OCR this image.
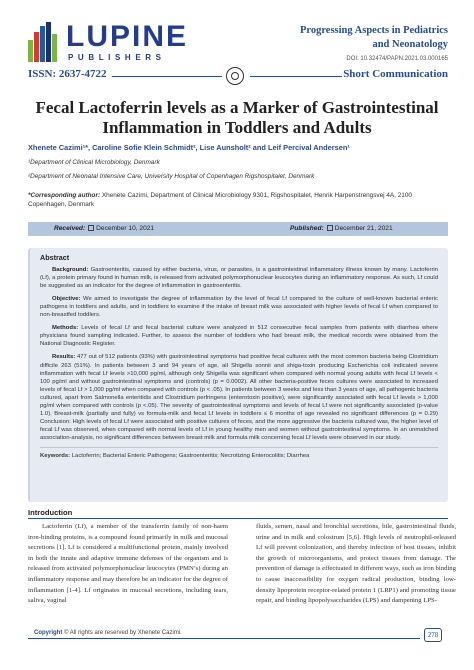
LUPINE
PUBLISHERS
Progressing Aspects in Pediatrics
and Neonatology
DOI: 10.32474/PAPN.2021.03.000165
ISSN: 2637-4722	Short Communication
Fecal Lactoferrin levels as a Marker of Gastrointestinal Inflammation in Toddlers and Adults
Xhenete Cazimi¹*, Caroline Sofie Klein Schmidt², Lise Aunsholt² and Leif Percival Andersen¹
¹Department of Clinical Microbiology, Denmark
²Department of Neonatal Intensive Care, University Hospital of Copenhagen Rigshospitalet, Denmark
*Corresponding author: Xhenete Cazimi, Department of Clinical Microbiology 9301, Rigshospitalet, Henrik Harpenstrengsvej 4A, 2100 Copenhagen, Denmark
Received: December 10, 2021	Published: December 21, 2021
Abstract

Background: Gastroenteritis, caused by either bacteria, virus, or parasites, is a gastrointestinal inflammatory illness known by many. Lactoferrin (Lf), a protein primary found in human milk, is released from activated polymorphonuclear leucocytes during an inflammatory response. As such, Lf could be suggested as an indicator for the degree of inflammation in gastroenteritis.

Objective: We aimed to investigate the degree of inflammation by the level of fecal Lf compared to the culture of well-known bacterial enteric pathogens in toddlers and adults, and in toddlers to examine if the intake of breast milk was associated with higher levels of fecal Lf when compared to non-breastfed toddlers.

Methods: Levels of fecal Lf and fecal bacterial culture were analyzed in 512 consecutive fecal samples from patients with diarrhea where physicians found sampling indicated. Further, to assess the number of toddlers who had breast milk, the medical records were obtained from the National Diagnostic Register.

Results: 477 out of 512 patients (93%) with gastrointestinal symptoms had positive fecal cultures with the most common bacteria being Clostridium difficile 263 (51%). In patients between 3 and 94 years of age, all Shigella sonnii and shiga-toxin producing Escherichia coli indicated severe inflammation with fecal Lf levels >10,000 pg/ml, although only Shigella was significant when compared with normal young adults with fecal Lf levels < 100 pg/ml and without gastrointestinal symptoms and (controls) (p = 0.0002). All other bacteria-positive feces cultures were associated to increased levels of fecal Lf > 1,000 pg/ml when compared with controls (p < .05). In patients between 3 weeks and less than 3 years of age, all pathogenic bacteria cultured, apart from Salmonella enteritidis and Clostridium perfringens (enterotoxin positive), were significantly associated with fecal Lf levels > 1,000 pg/ml when compared with controls (p <.05). The severity of gastrointestinal symptoms and levels of fecal Lf were not significantly associated (p-value 1.0). Breast-milk (partially and fully) vs formula-milk and fecal Lf levels in toddlers ≤ 6 months of age revealed no significant differences (p = 0.29) Conclusion: High levels of fecal Lf were associated with positive cultures of feces, and the more aggressive the bacteria cultured was, the higher level of fecal Lf was observed, when compared with normal levels of Lf in young healthy men and women without gastrointestinal symptoms. In an unmatched association-analysis, no significant differences between breast milk and formula milk concerning fecal Lf levels were observed in our study.

Keywords: Lactoferrin; Bacterial Enteric Pathogens; Gastroenteritis; Necrotizing Enterocolitis; Diarrhea

Introduction

Lactoferrin (Lf), a member of the transferrin family of non-haem iron-binding proteins, is a compound found primarily in milk and mucosal secretions [1]. Lf is considered a multifunctional protein, mainly involved in both the innate and adaptive immune defenses of the organism and is released from activated polymorphonuclear leucocytes (PMN’s) during an inflammatory response and may therefore be an indicator for the degree of inflammation [1-4]. Lf originates in mucosal secretions, including tears, saliva, vaginal

fluids, semen, nasal and bronchial secretions, bile, gastrointestinal fluids, urine and in milk and colostrum [5,6]. High levels of neutrophil-released Lf will prevent colonization, and thereby infection of host tissues, inhibit the growth of microorganisms, and protect tissues from damage. The prevention of damage is effectuated in different ways, such as iron binding to cause inaccessibility for oxygen radical production, binding low-density lipoprotein receptor-related protein 1 (LRP1) and promoting tissue repair, and binding lipopolysaccharides (LPS) and dampening LPS-

Copyright © All rights are reserved by Xhenete Cazimi.	278
